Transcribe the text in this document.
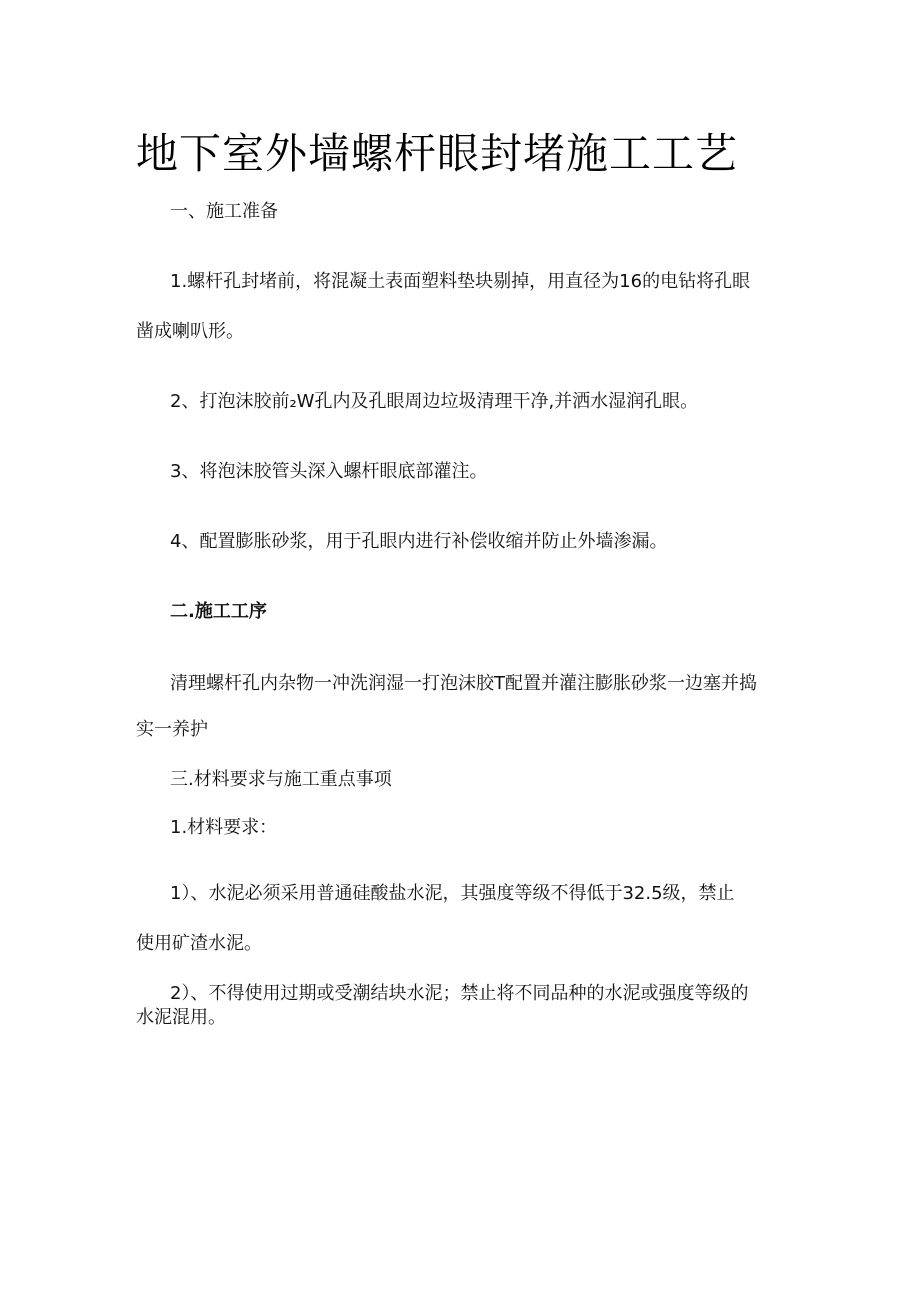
地下室外墙螺杆眼封堵施工工艺
一、施工准备
1.螺杆孔封堵前，将混凝土表面塑料垫块剔掉，用直径为16的电钻将孔眼
凿成喇叭形。
2、打泡沫胶前₂W孔内及孔眼周边垃圾清理干净,并洒水湿润孔眼。
3、将泡沫胶管头深入螺杆眼底部灌注。
4、配置膨胀砂浆，用于孔眼内进行补偿收缩并防止外墙渗漏。
二.施工工序
清理螺杆孔内杂物一冲洗润湿一打泡沫胶T配置并灌注膨胀砂浆一边塞并捣
实一养护
三.材料要求与施工重点事项
1.材料要求：
1）、水泥必须采用普通硅酸盐水泥，其强度等级不得低于32.5级，禁止
使用矿渣水泥。
2）、不得使用过期或受潮结块水泥；禁止将不同品种的水泥或强度等级的
水泥混用。
